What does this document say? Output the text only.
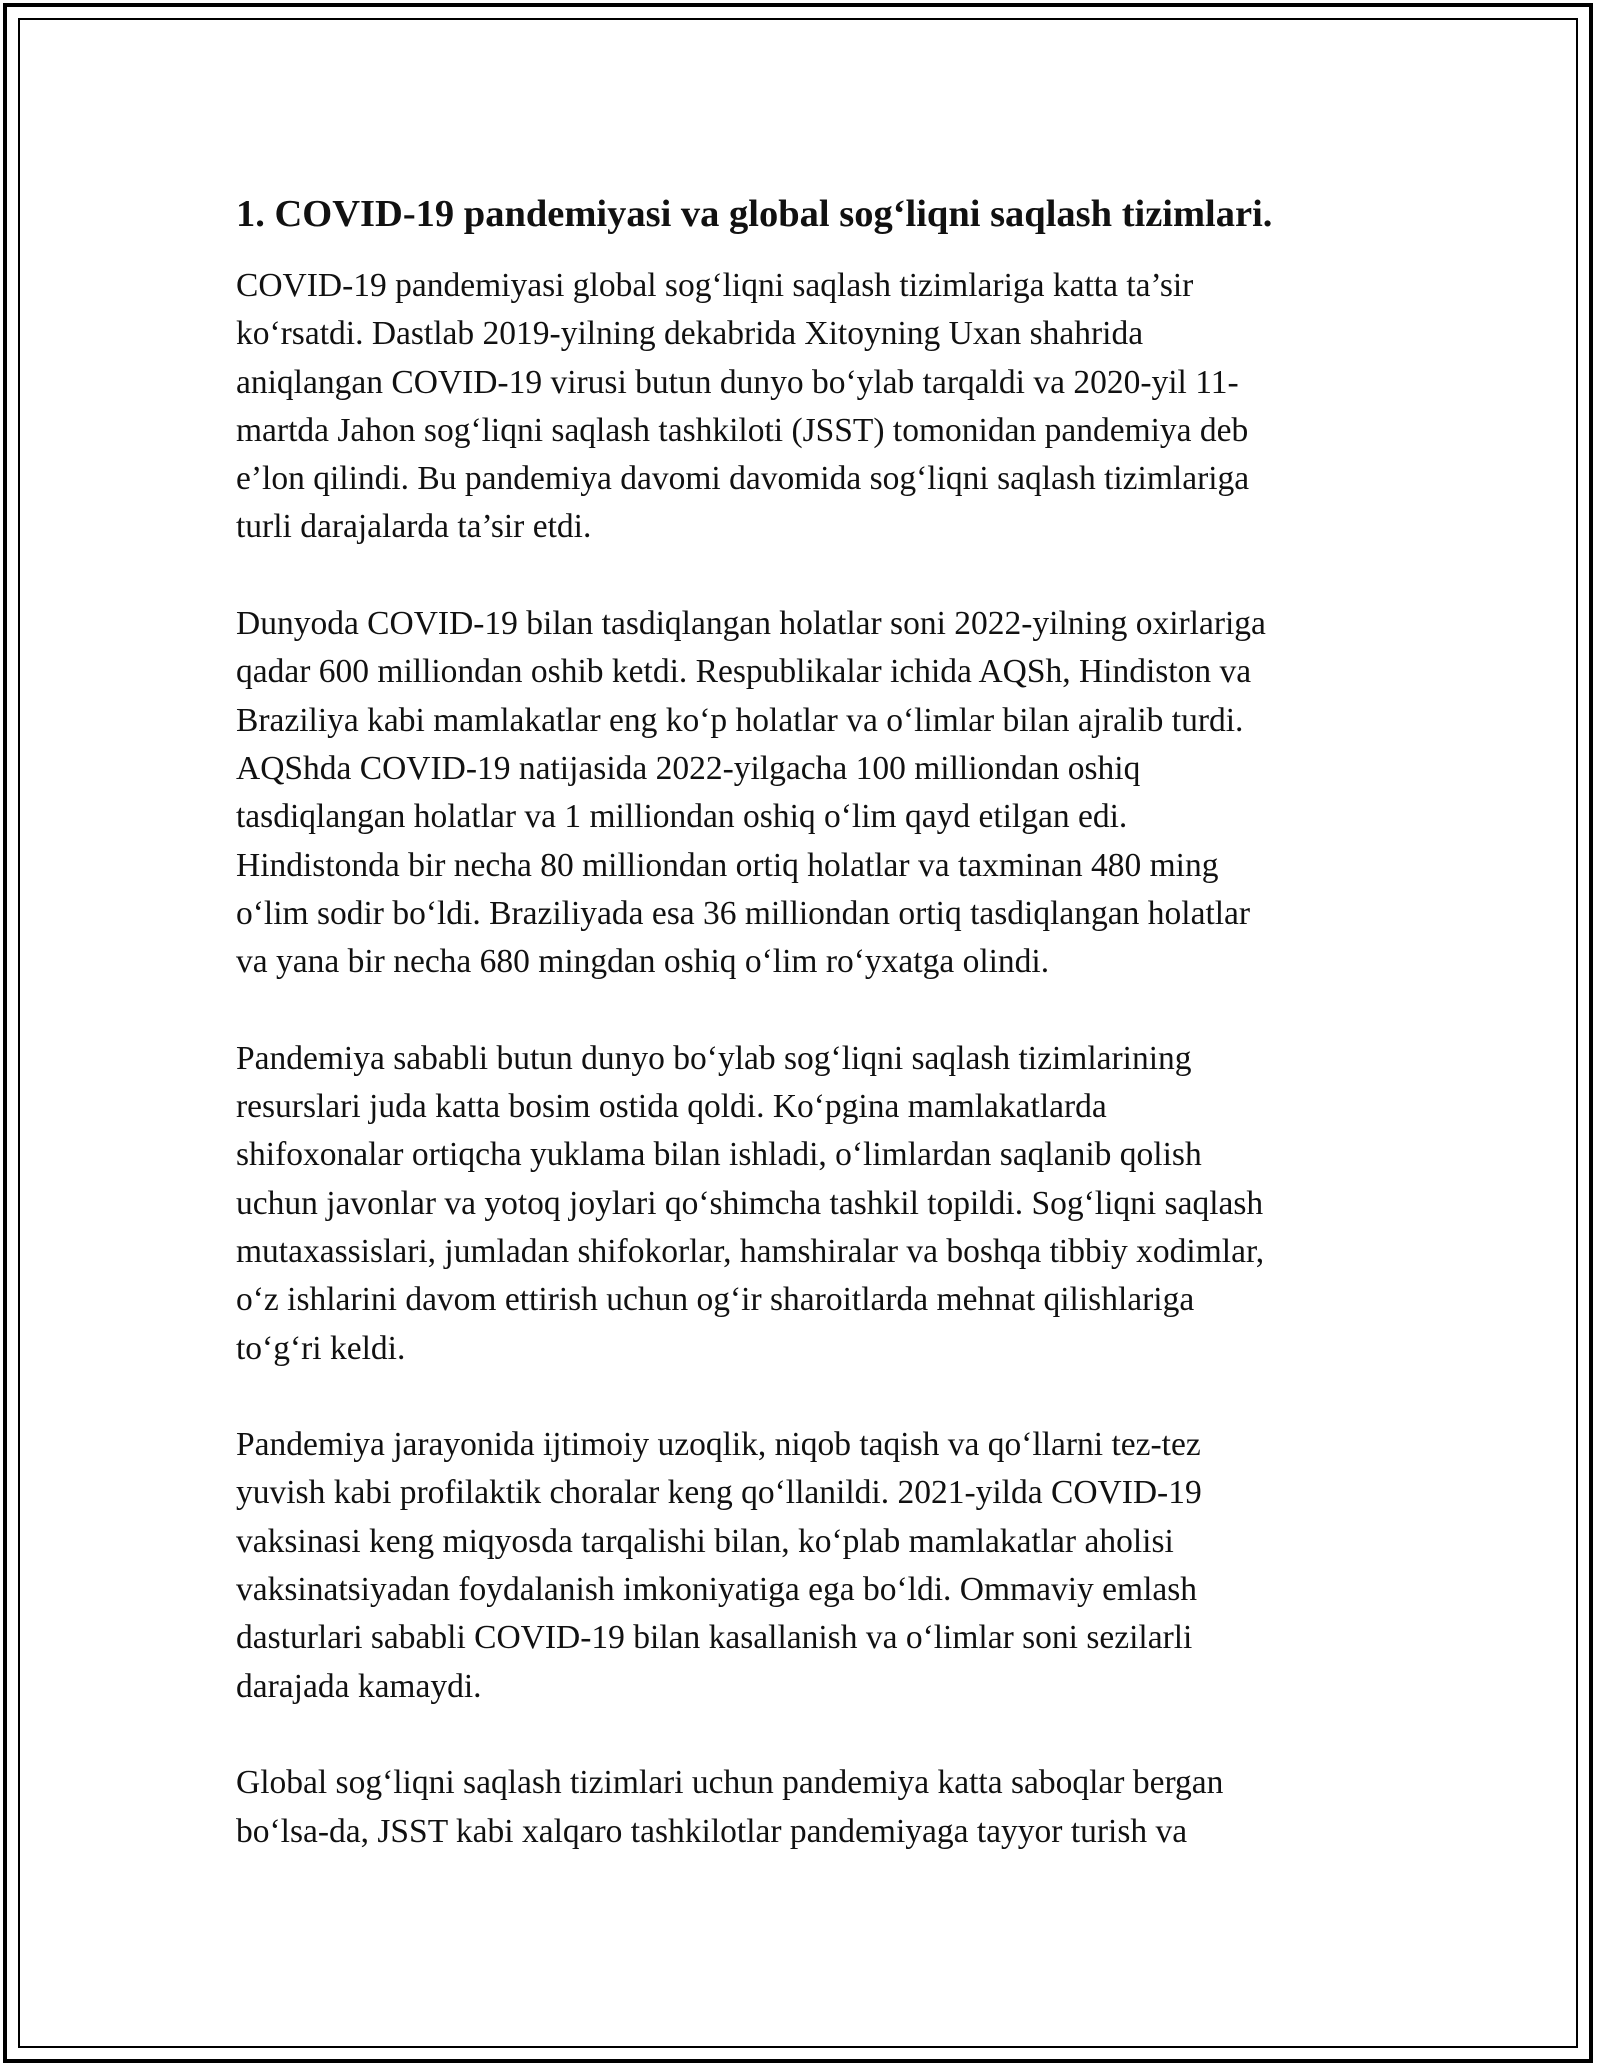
1. COVID-19 pandemiyasi va global sog‘liqni saqlash tizimlari.

COVID-19 pandemiyasi global sog‘liqni saqlash tizimlariga katta ta’sir
ko‘rsatdi. Dastlab 2019-yilning dekabrida Xitoyning Uxan shahrida
aniqlangan COVID-19 virusi butun dunyo bo‘ylab tarqaldi va 2020-yil 11-
martda Jahon sog‘liqni saqlash tashkiloti (JSST) tomonidan pandemiya deb
e’lon qilindi. Bu pandemiya davomi davomida sog‘liqni saqlash tizimlariga
turli darajalarda ta’sir etdi.

Dunyoda COVID-19 bilan tasdiqlangan holatlar soni 2022-yilning oxirlariga
qadar 600 milliondan oshib ketdi. Respublikalar ichida AQSh, Hindiston va
Braziliya kabi mamlakatlar eng ko‘p holatlar va o‘limlar bilan ajralib turdi.
AQShda COVID-19 natijasida 2022-yilgacha 100 milliondan oshiq
tasdiqlangan holatlar va 1 milliondan oshiq o‘lim qayd etilgan edi.
Hindistonda bir necha 80 milliondan ortiq holatlar va taxminan 480 ming
o‘lim sodir bo‘ldi. Braziliyada esa 36 milliondan ortiq tasdiqlangan holatlar
va yana bir necha 680 mingdan oshiq o‘lim ro‘yxatga olindi.

Pandemiya sababli butun dunyo bo‘ylab sog‘liqni saqlash tizimlarining
resurslari juda katta bosim ostida qoldi. Ko‘pgina mamlakatlarda
shifoxonalar ortiqcha yuklama bilan ishladi, o‘limlardan saqlanib qolish
uchun javonlar va yotoq joylari qo‘shimcha tashkil topildi. Sog‘liqni saqlash
mutaxassislari, jumladan shifokorlar, hamshiralar va boshqa tibbiy xodimlar,
o‘z ishlarini davom ettirish uchun og‘ir sharoitlarda mehnat qilishlariga
to‘g‘ri keldi.

Pandemiya jarayonida ijtimoiy uzoqlik, niqob taqish va qo‘llarni tez-tez
yuvish kabi profilaktik choralar keng qo‘llanildi. 2021-yilda COVID-19
vaksinasi keng miqyosda tarqalishi bilan, ko‘plab mamlakatlar aholisi
vaksinatsiyadan foydalanish imkoniyatiga ega bo‘ldi. Ommaviy emlash
dasturlari sababli COVID-19 bilan kasallanish va o‘limlar soni sezilarli
darajada kamaydi.

Global sog‘liqni saqlash tizimlari uchun pandemiya katta saboqlar bergan
bo‘lsa-da, JSST kabi xalqaro tashkilotlar pandemiyaga tayyor turish va
